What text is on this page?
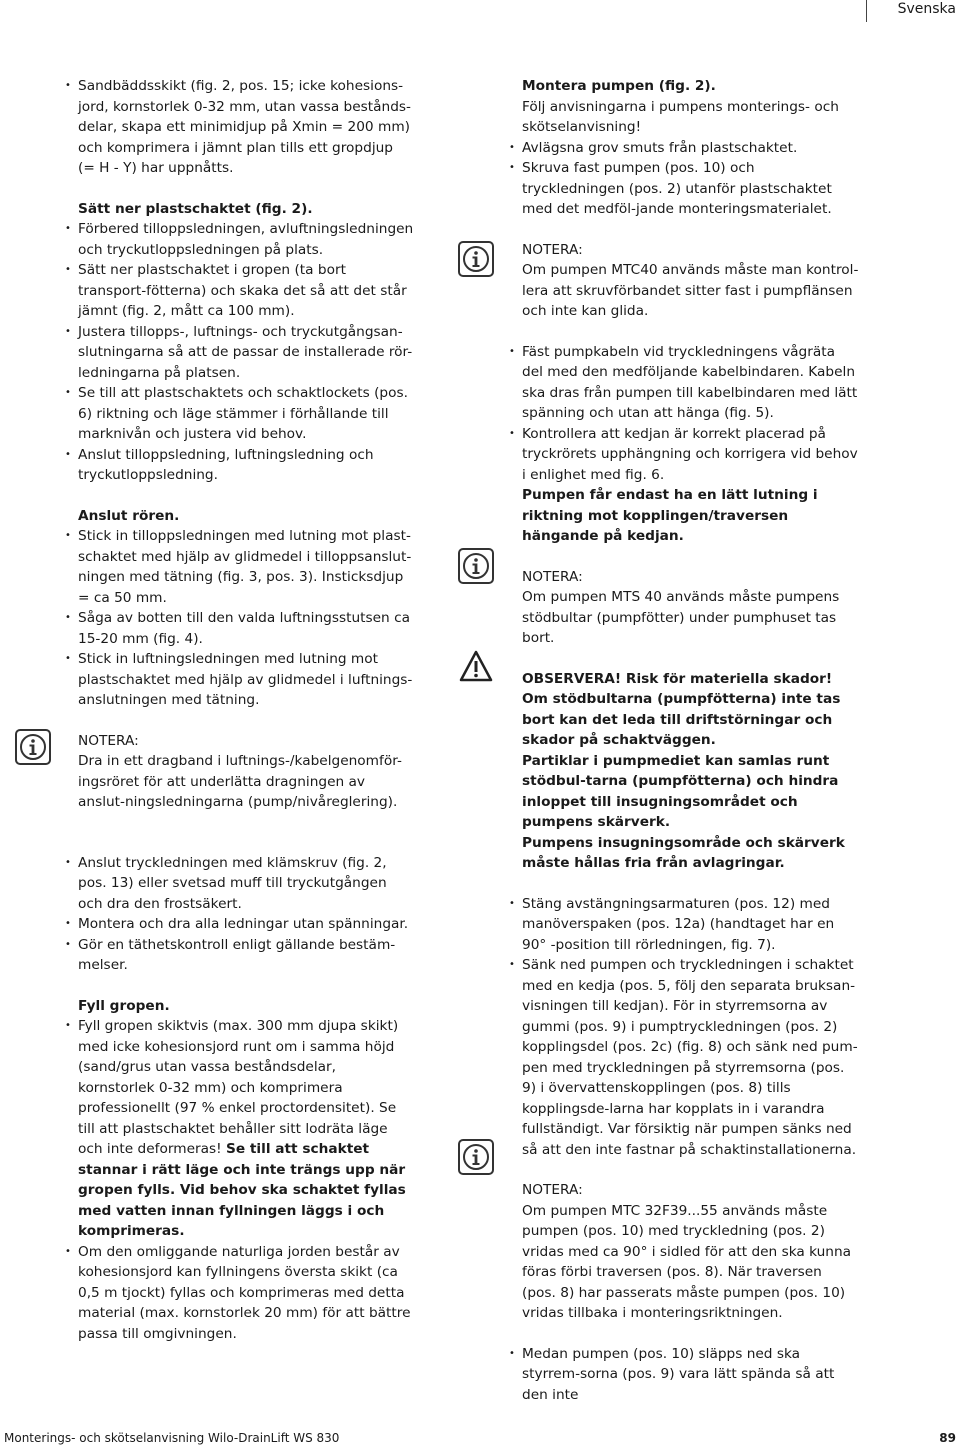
Svenska
• Sandbäddsskikt (fig. 2, pos. 15; icke kohesions-jord, kornstorlek 0-32 mm, utan vassa bestånds-delar, skapa ett minimidjup på Xmin = 200 mm) och komprimera i jämnt plan tills ett gropdjup (= H - Y) har uppnåtts.
Sätt ner plastschaktet (fig. 2).
• Förbered tilloppsledningen, avluftningsledningen och tryckutloppsledningen på plats.
• Sätt ner plastschaktet i gropen (ta bort transport-fötterna) och skaka det så att det står jämnt (fig. 2, mått ca 100 mm).
• Justera tillopps-, luftnings- och tryckutgångsan-slutningarna så att de passar de installerade rör-ledningarna på platsen.
• Se till att plastschaktets och schaktlockets (pos. 6) riktning och läge stämmer i förhållande till marknivån och justera vid behov.
• Anslut tilloppsledning, luftningsledning och tryckutloppsledning.
Anslut rören.
• Stick in tilloppsledningen med lutning mot plast-schaktet med hjälp av glidmedel i tilloppsanslut-ningen med tätning (fig. 3, pos. 3). Insticksdjup = ca 50 mm.
• Såga av botten till den valda luftningsstutsen ca 15-20 mm (fig. 4).
• Stick in luftningsledningen med lutning mot plastschaktet med hjälp av glidmedel i luftnings-anslutningen med tätning.
NOTERA:
Dra in ett dragband i luftnings-/kabelgenomför-ingsröret för att underlätta dragningen av anslut-ningsledningarna (pump/nivåreglering).
• Anslut tryckledningen med klämskruv (fig. 2, pos. 13) eller svetsad muff till tryckutgången och dra den frostsäkert.
• Montera och dra alla ledningar utan spänningar.
• Gör en täthetskontroll enligt gällande bestäm-melser.
Fyll gropen.
• Fyll gropen skiktvis (max. 300 mm djupa skikt) med icke kohesionsjord runt om i samma höjd (sand/grus utan vassa beståndsdelar, kornstorlek 0-32 mm) och komprimera professionellt (97 % enkel proctordensitet). Se till att plastschaktet behåller sitt lodräta läge och inte deformeras! Se till att schaktet stannar i rätt läge och inte trängs upp när gropen fylls. Vid behov ska schaktet fyllas med vatten innan fyllningen läggs i och komprimeras.
• Om den omliggande naturliga jorden består av kohesionsjord kan fyllningens översta skikt (ca 0,5 m tjockt) fyllas och komprimeras med detta material (max. kornstorlek 20 mm) för att bättre passa till omgivningen.
Montera pumpen (fig. 2).
Följ anvisningarna i pumpens monterings- och skötselanvisning!
• Avlägsna grov smuts från plastschaktet.
• Skruva fast pumpen (pos. 10) och tryckledningen (pos. 2) utanför plastschaktet med det medföl-jande monteringsmaterialet.
NOTERA:
Om pumpen MTC40 används måste man kontrol-lera att skruvförbandet sitter fast i pumpflänsen och inte kan glida.
• Fäst pumpkabeln vid tryckledningens vågräta del med den medföljande kabelbindaren. Kabeln ska dras från pumpen till kabelbindaren med lätt spänning och utan att hänga (fig. 5).
• Kontrollera att kedjan är korrekt placerad på tryckrörets upphängning och korrigera vid behov i enlighet med fig. 6.
Pumpen får endast ha en lätt lutning i riktning mot kopplingen/traversen hängande på kedjan.
NOTERA:
Om pumpen MTS 40 används måste pumpens stödbultar (pumpfötter) under pumphuset tas bort.
OBSERVERA! Risk för materiella skador!
Om stödbultarna (pumpfötterna) inte tas bort kan det leda till driftstörningar och skador på schaktväggen.
Partiklar i pumpmediet kan samlas runt stödbul-tarna (pumpfötterna) och hindra inloppet till insugningsområdet och pumpens skärverk.
Pumpens insugningsområde och skärverk måste hållas fria från avlagringar.
• Stäng avstängningsarmaturen (pos. 12) med manöverspaken (pos. 12a) (handtaget har en 90° -position till rörledningen, fig. 7).
• Sänk ned pumpen och tryckledningen i schaktet med en kedja (pos. 5, följ den separata bruksan-visningen till kedjan). För in styrremsorna av gummi (pos. 9) i pumptryckledningen (pos. 2) kopplingsdel (pos. 2c) (fig. 8) och sänk ned pum-pen med tryckledningen på styrremsorna (pos. 9) i övervattenskopplingen (pos. 8) tills kopplingsde-larna har kopplats in i varandra fullständigt. Var försiktig när pumpen sänks ned så att den inte fastnar på schaktinstallationerna.
NOTERA:
Om pumpen MTC 32F39...55 används måste pumpen (pos. 10) med tryckledning (pos. 2) vridas med ca 90° i sidled för att den ska kunna föras förbi traversen (pos. 8). När traversen (pos. 8) har passerats måste pumpen (pos. 10) vridas tillbaka i monteringsriktningen.
• Medan pumpen (pos. 10) släpps ned ska styrrem-sorna (pos. 9) vara lätt spända så att den inte
Monterings- och skötselanvisning Wilo-DrainLift WS 830	89
